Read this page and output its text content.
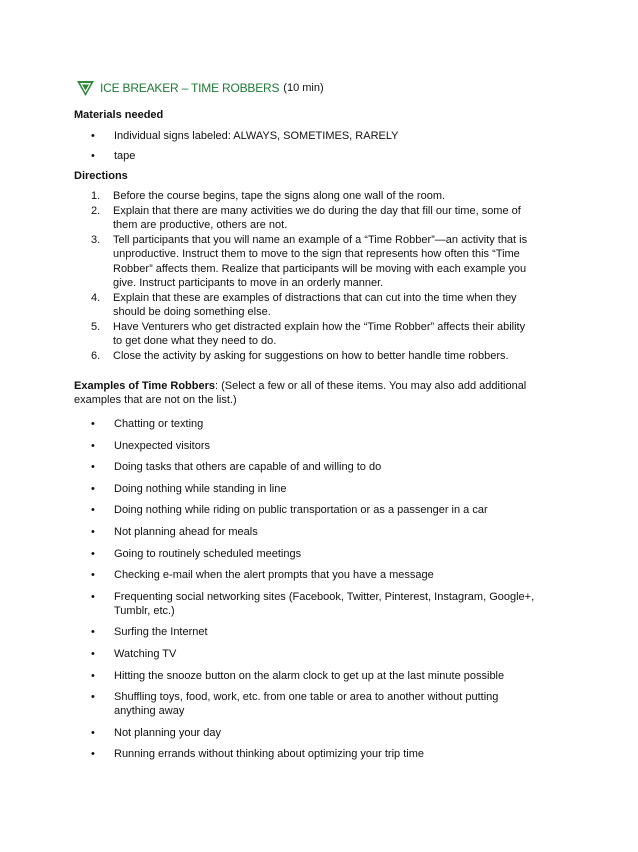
ICE BREAKER – TIME ROBBERS (10 min)
Materials needed
• Individual signs labeled: ALWAYS, SOMETIMES, RARELY
• tape
Directions
1. Before the course begins, tape the signs along one wall of the room.
2. Explain that there are many activities we do during the day that fill our time, some of
them are productive, others are not.
3. Tell participants that you will name an example of a “Time Robber”—an activity that is
unproductive. Instruct them to move to the sign that represents how often this “Time
Robber” affects them. Realize that participants will be moving with each example you
give. Instruct participants to move in an orderly manner.
4. Explain that these are examples of distractions that can cut into the time when they
should be doing something else.
5. Have Venturers who get distracted explain how the “Time Robber” affects their ability
to get done what they need to do.
6. Close the activity by asking for suggestions on how to better handle time robbers.
Examples of Time Robbers: (Select a few or all of these items. You may also add additional
examples that are not on the list.)
• Chatting or texting
• Unexpected visitors
• Doing tasks that others are capable of and willing to do
• Doing nothing while standing in line
• Doing nothing while riding on public transportation or as a passenger in a car
• Not planning ahead for meals
• Going to routinely scheduled meetings
• Checking e-mail when the alert prompts that you have a message
• Frequenting social networking sites (Facebook, Twitter, Pinterest, Instagram, Google+,
Tumblr, etc.)
• Surfing the Internet
• Watching TV
• Hitting the snooze button on the alarm clock to get up at the last minute possible
• Shuffling toys, food, work, etc. from one table or area to another without putting
anything away
• Not planning your day
• Running errands without thinking about optimizing your trip time
